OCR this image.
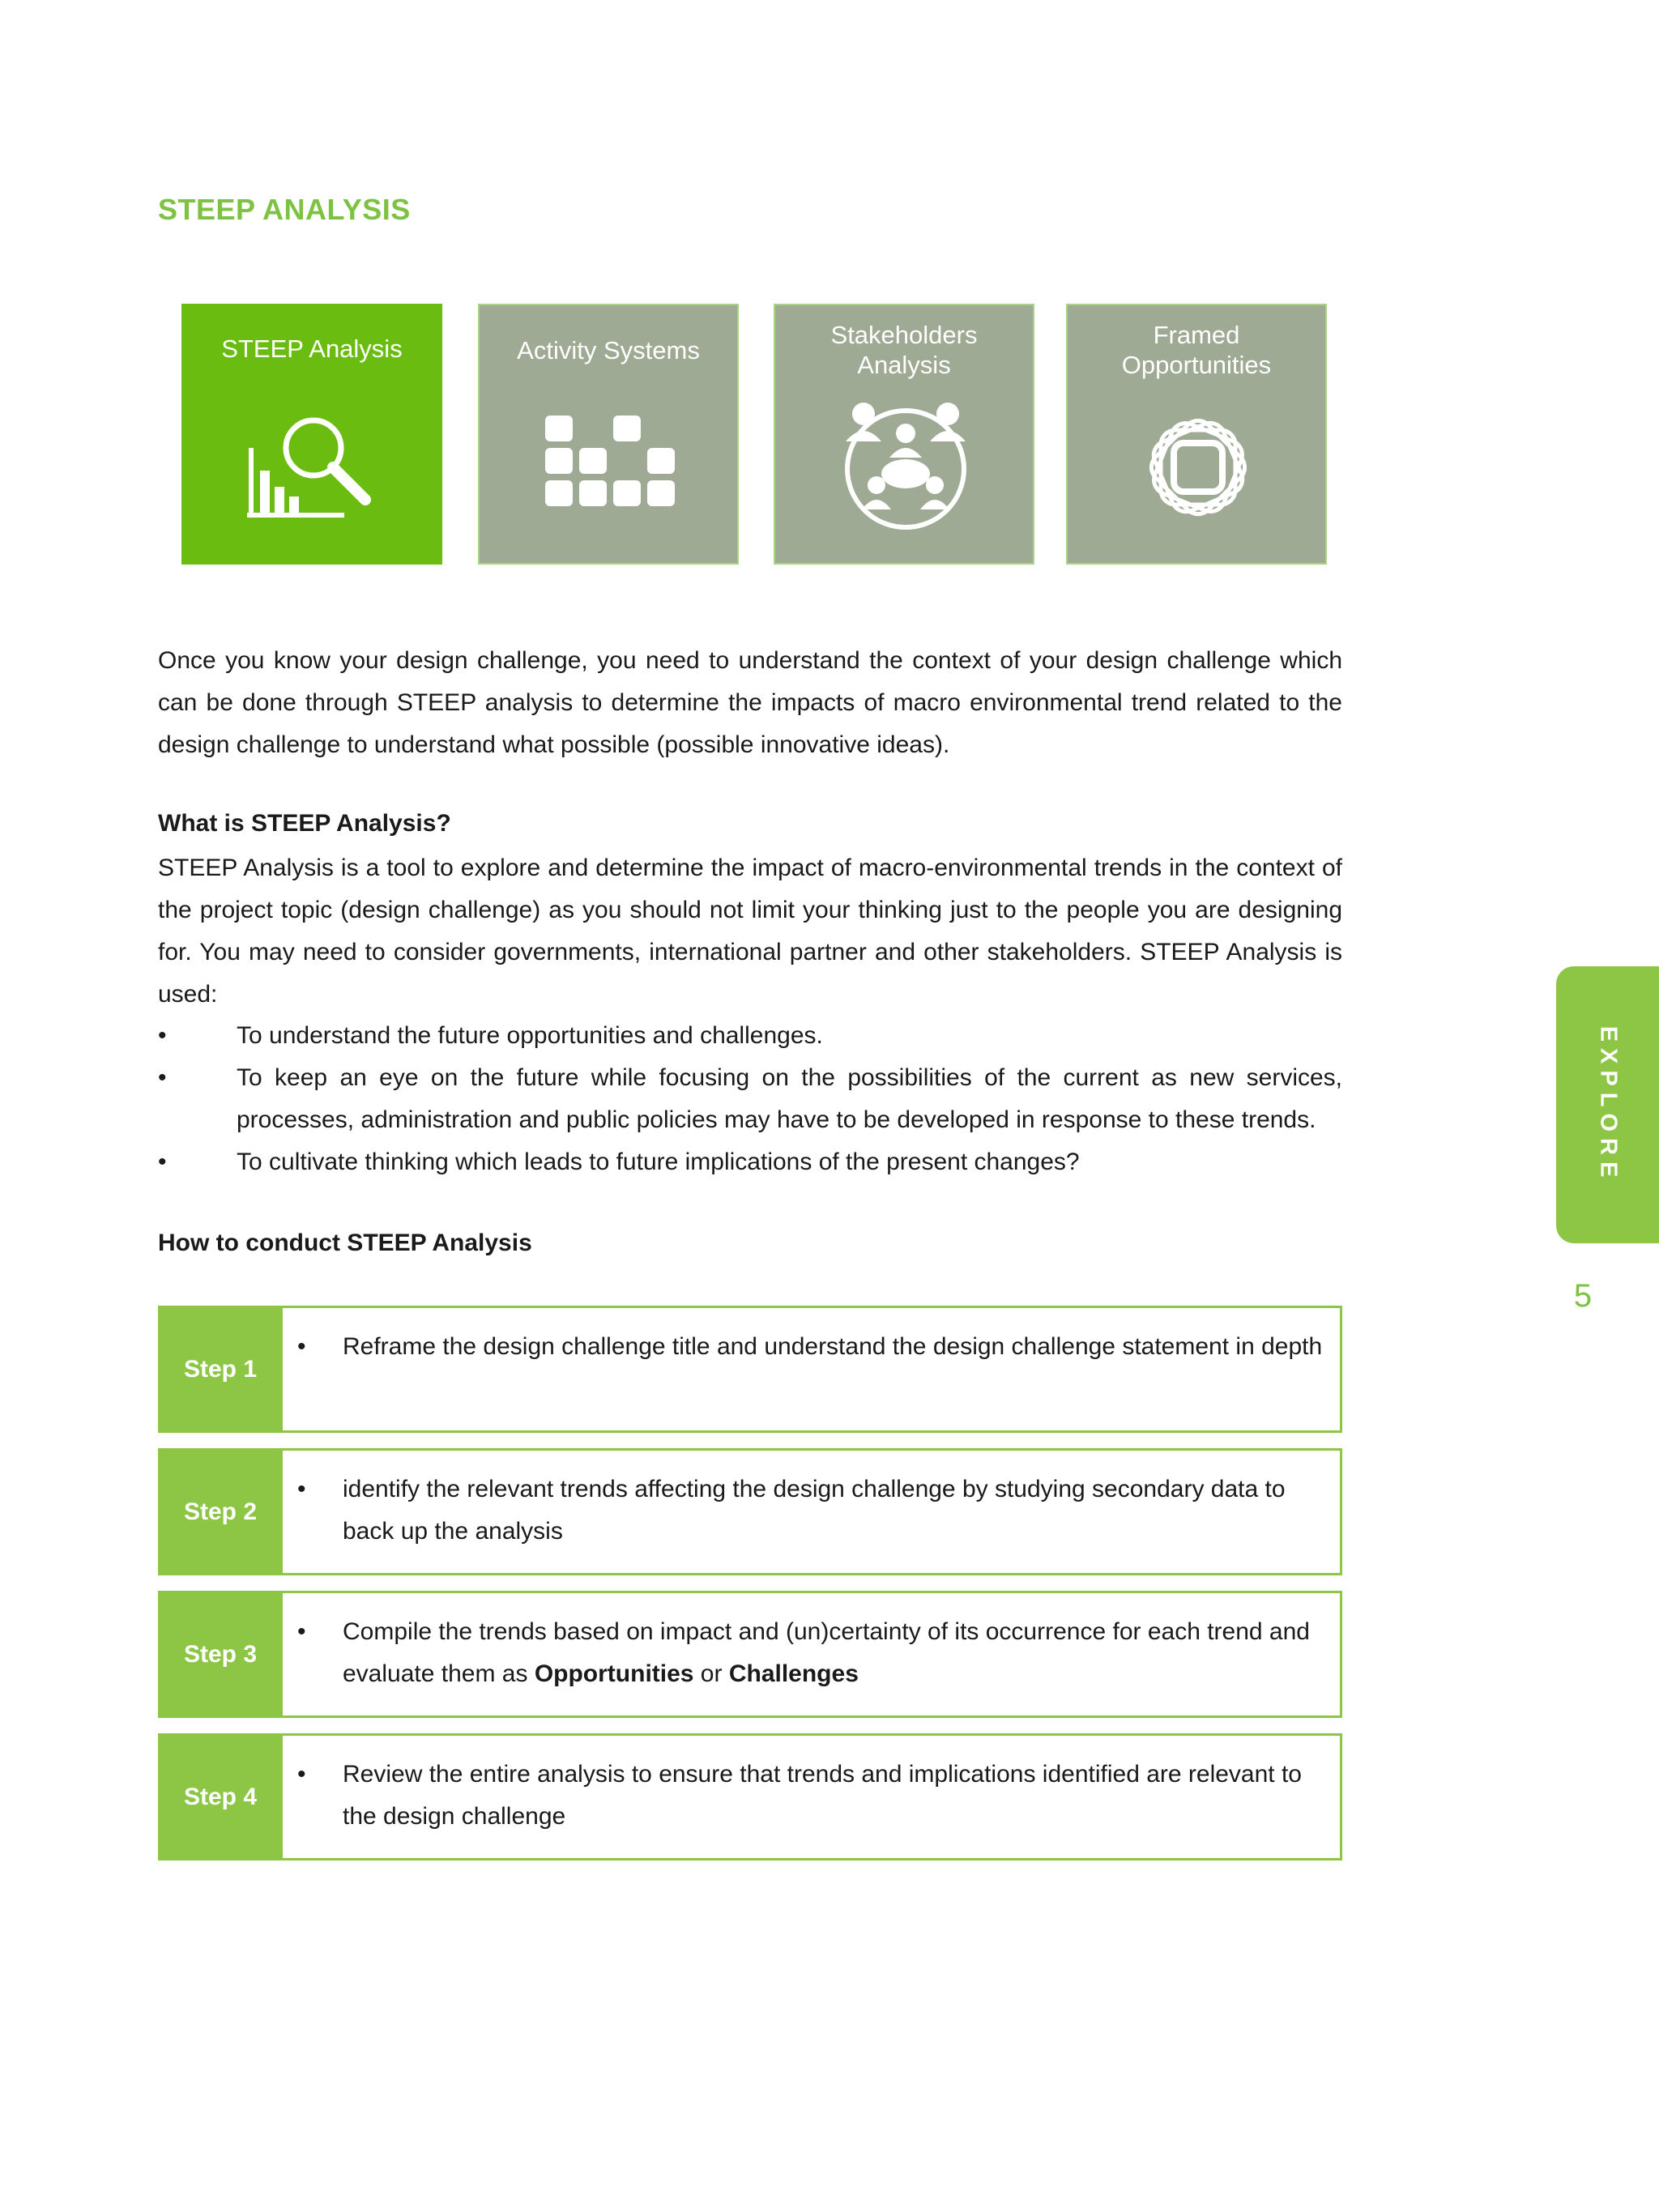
STEEP ANALYSIS
STEEP Analysis	Activity Systems
Stakeholders
Analysis
Framed
Opportunities

Once you know your design challenge, you need to understand the context of your design challenge which can be done through STEEP analysis to determine the impacts of macro environmental trend related to the design challenge to understand what possible (possible innovative ideas).

What is STEEP Analysis?

STEEP Analysis is a tool to explore and determine the impact of macro-environmental trends in the context of the project topic (design challenge) as you should not limit your thinking just to the people you are designing for. You may need to consider governments, international partner and other stakeholders. STEEP Analysis is used:

•	To understand the future opportunities and challenges.
•	To keep an eye on the future while focusing on the possibilities of the current as new services, processes, administration and public policies may have to be developed in response to these trends.
•	To cultivate thinking which leads to future implications of the present changes?
How to conduct STEEP Analysis
Step 1
• Reframe the design challenge title and understand the design challenge statement in depth
Step 2
• identify the relevant trends affecting the design challenge by studying secondary data to back up the analysis
Step 3
• Compile the trends based on impact and (un)certainty of its occurrence for each trend and evaluate them as Opportunities or Challenges
Step 4
• Review the entire analysis to ensure that trends and implications identified are relevant to the design challenge
EXPLORE
5
